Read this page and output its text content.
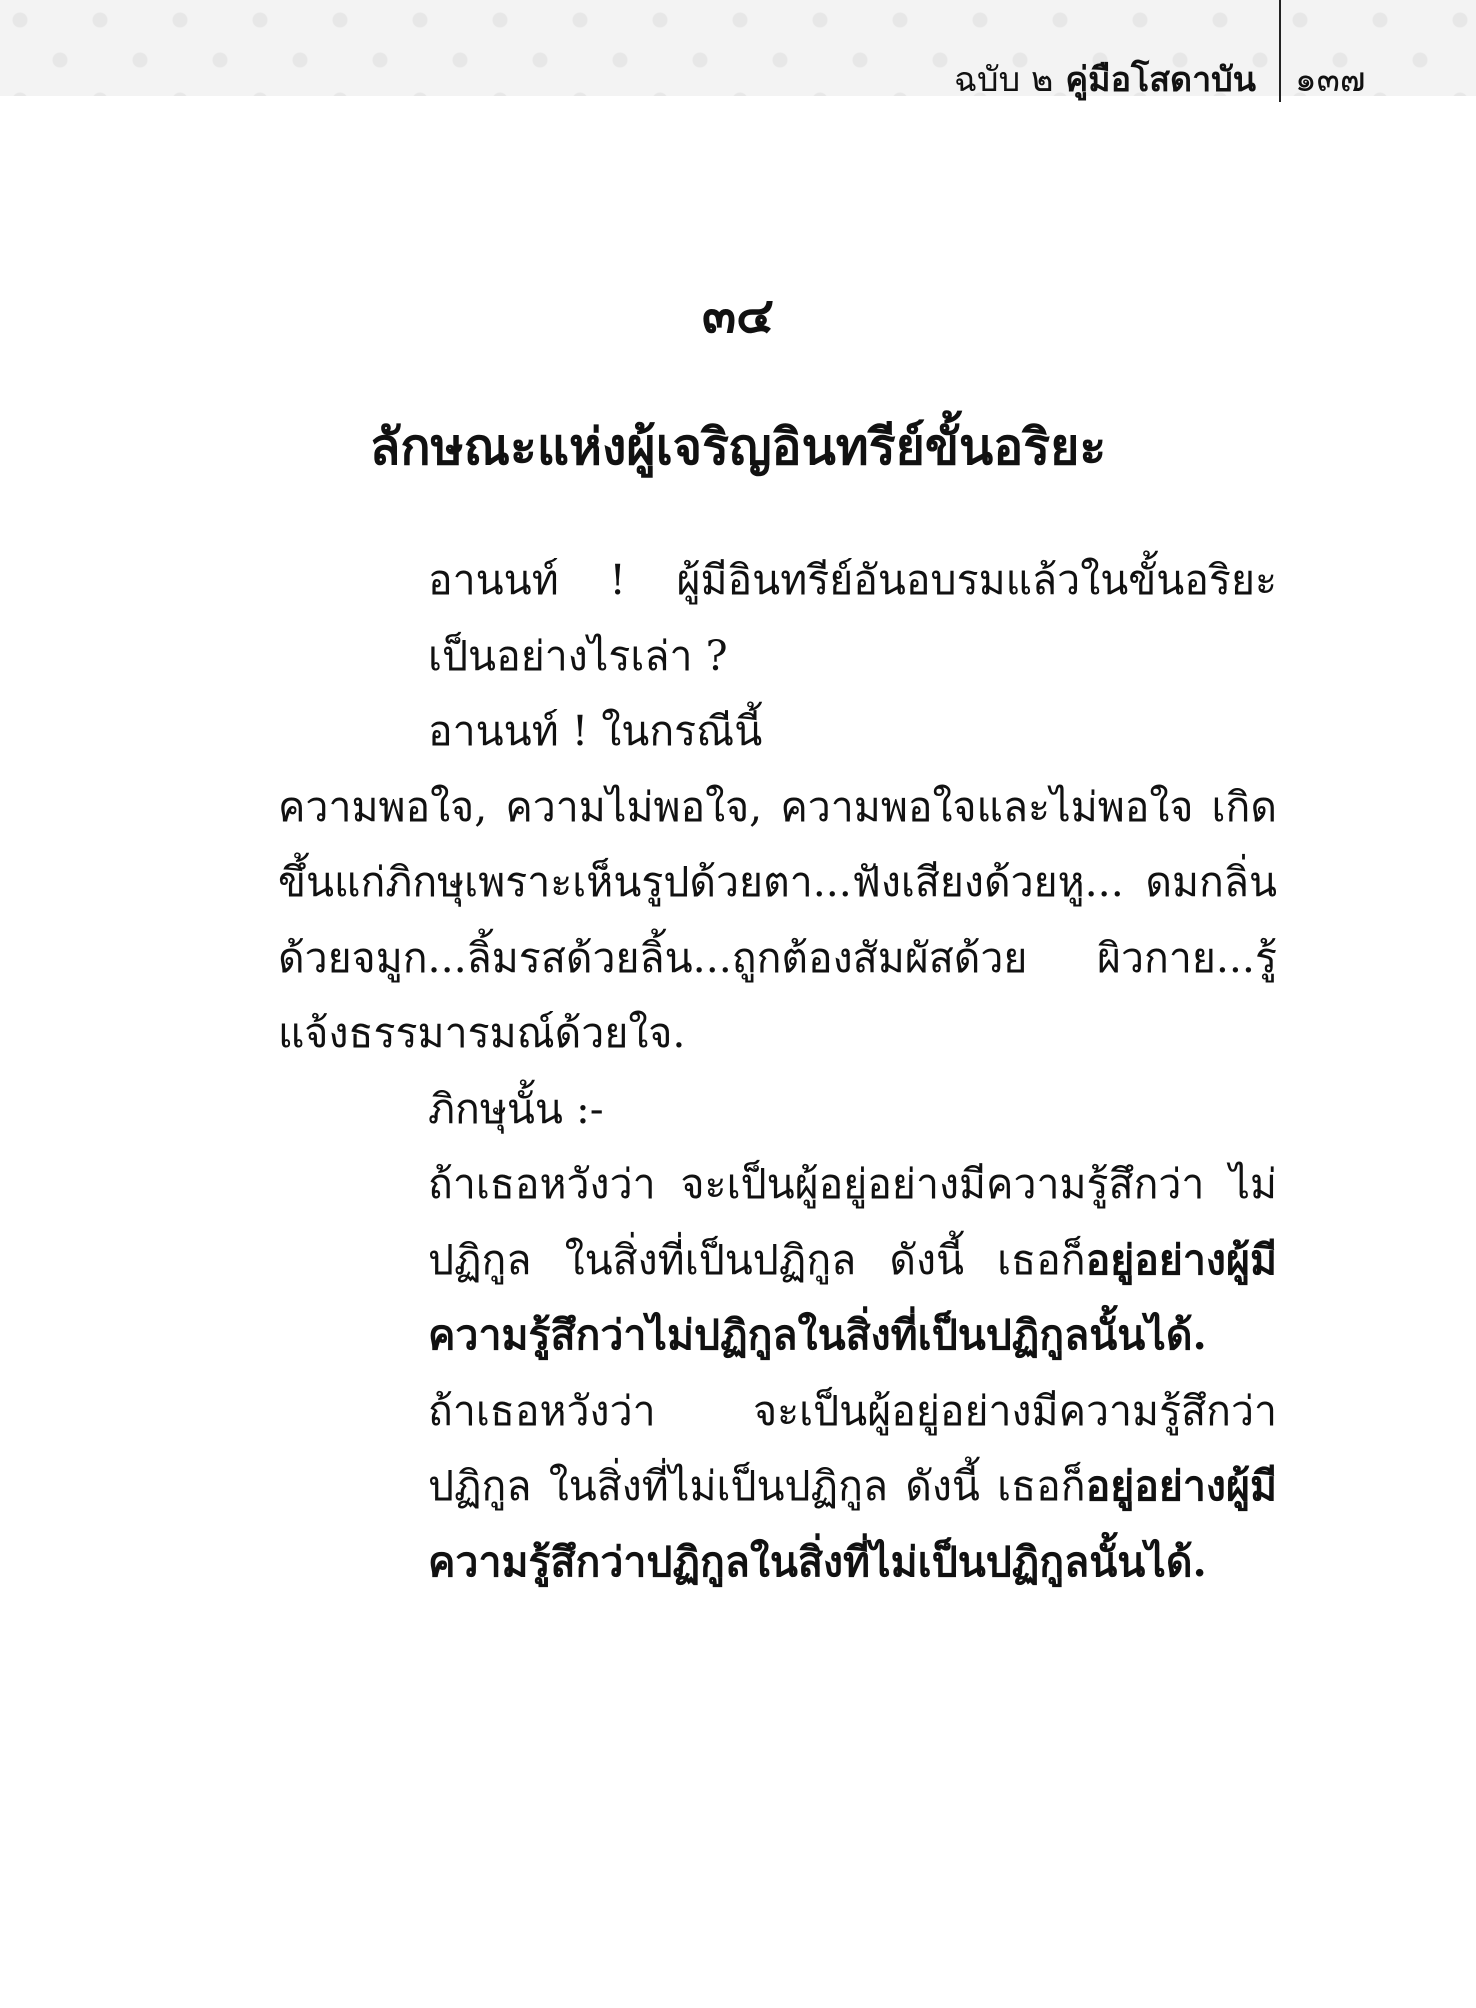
ฉบับ ๒ คู่มือโสดาบัน ๑๓๗
๓๔
ลักษณะแห่งผู้เจริญอินทรีย์ขั้นอริยะ

อานนท์ ! ผู้มีอินทรีย์อันอบรมแล้วในขั้นอริยะ เป็นอย่างไรเล่า ?

อานนท์ ! ในกรณีนี้

ความพอใจ, ความไม่พอใจ, ความพอใจและไม่พอใจ เกิดขึ้นแก่ภิกษุเพราะเห็นรูปด้วยตา...ฟังเสียงด้วยหู... ดมกลิ่นด้วยจมูก...ลิ้มรสด้วยลิ้น...ถูกต้องสัมผัสด้วย ผิวกาย...รู้แจ้งธรรมารมณ์ด้วยใจ.

ภิกษุนั้น :-

ถ้าเธอหวังว่า จะเป็นผู้อยู่อย่างมีความรู้สึกว่า ไม่ปฏิกูล ในสิ่งที่เป็นปฏิกูล ดังนี้ เธอก็อยู่อย่างผู้มีความรู้สึกว่าไม่ปฏิกูลในสิ่งที่เป็นปฏิกูลนั้นได้.

ถ้าเธอหวังว่า จะเป็นผู้อยู่อย่างมีความรู้สึกว่า ปฏิกูล ในสิ่งที่ไม่เป็นปฏิกูล ดังนี้ เธอก็อยู่อย่างผู้มีความรู้สึกว่าปฏิกูลในสิ่งที่ไม่เป็นปฏิกูลนั้นได้.
